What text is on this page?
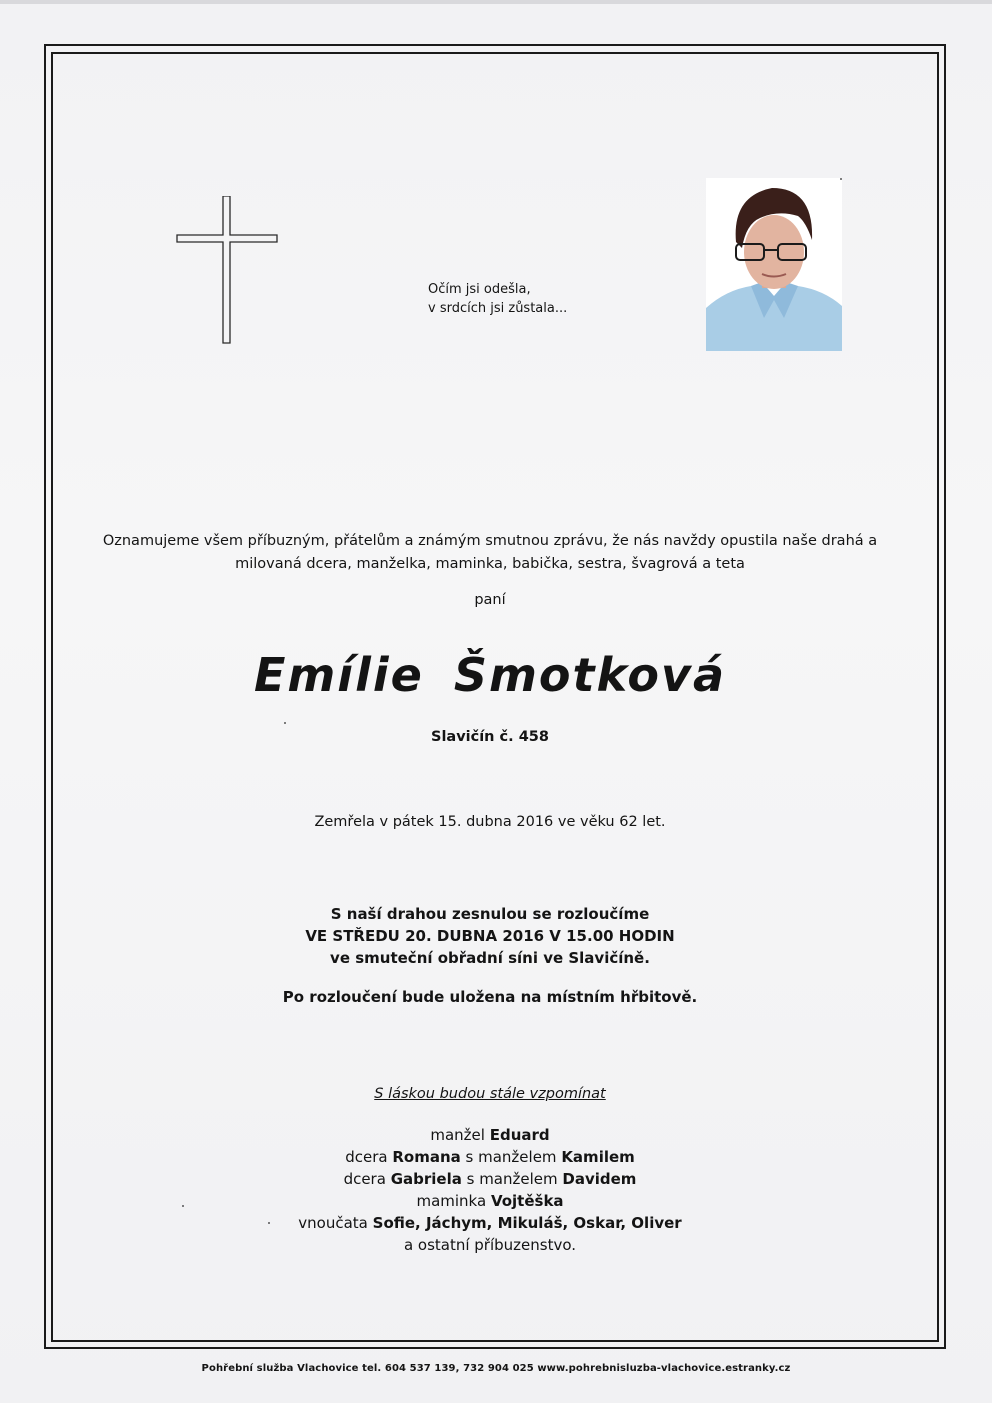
Očím jsi odešla,
v srdcích jsi zůstala...
Oznamujeme všem příbuzným, přátelům a známým smutnou zprávu, že nás navždy opustila naše drahá a
milovaná dcera, manželka, maminka, babička, sestra, švagrová a teta
paní
Emílie Šmotková
Slavičín č. 458
Zemřela v pátek 15. dubna 2016 ve věku 62 let.
S naší drahou zesnulou se rozloučíme
VE STŘEDU 20. DUBNA 2016 V 15.00 HODIN
ve smuteční obřadní síni ve Slavičíně.
Po rozloučení bude uložena na místním hřbitově.
S láskou budou stále vzpomínat
manžel Eduard
dcera Romana s manželem Kamilem
dcera Gabriela s manželem Davidem
maminka Vojtěška
vnoučata Sofie, Jáchym, Mikuláš, Oskar, Oliver
a ostatní příbuzenstvo.
Pohřební služba Vlachovice tel. 604 537 139, 732 904 025 www.pohrebnisluzba-vlachovice.estranky.cz
